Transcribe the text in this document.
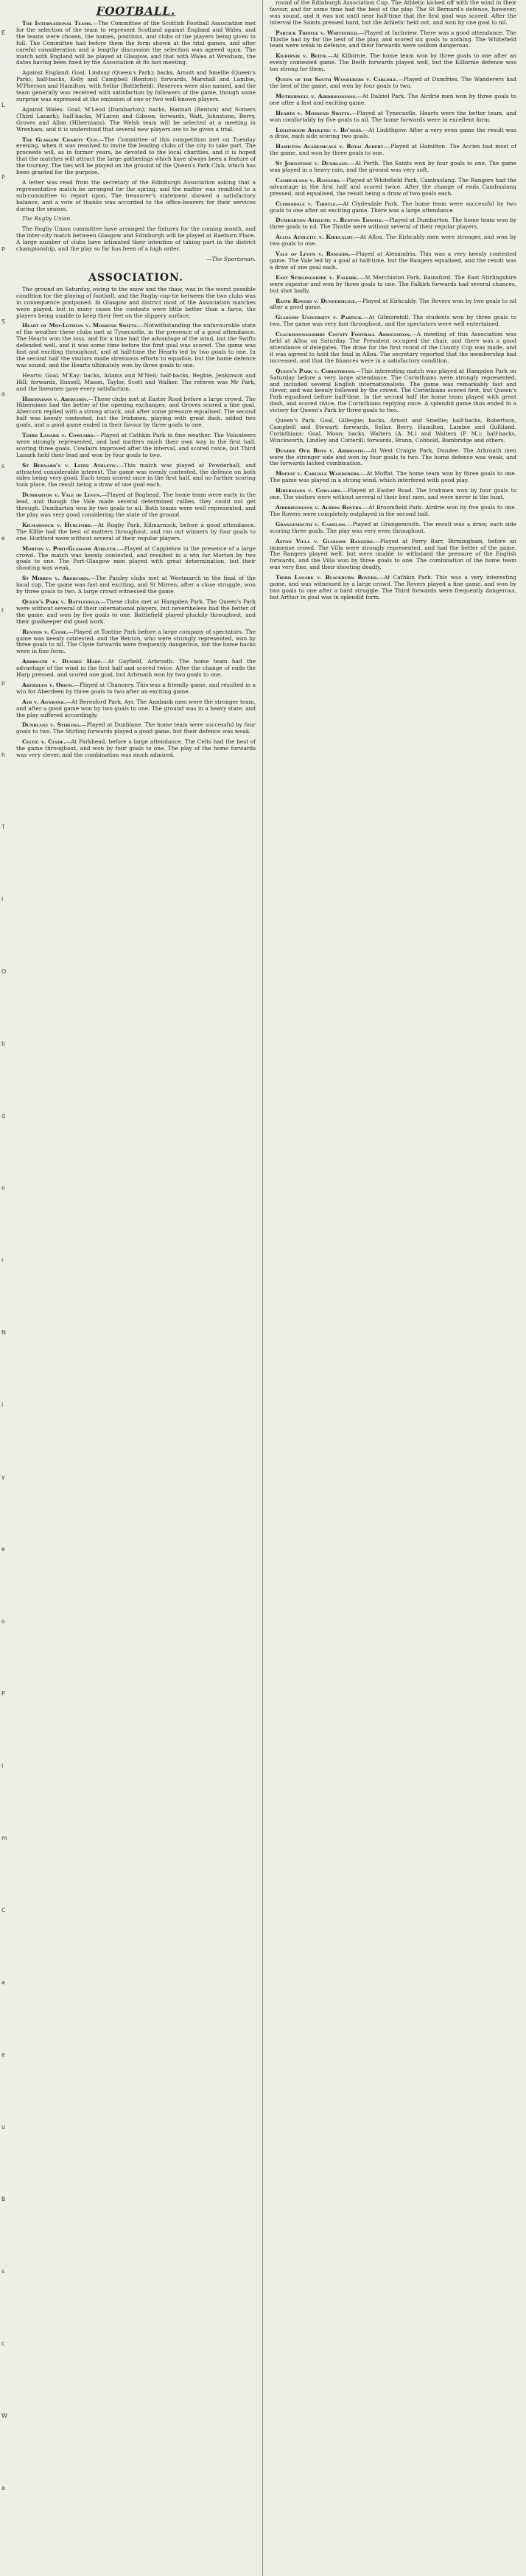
E
L
P
P
S
a
s
e
t
p
h
T
l
O
b
d
n
r
N
i
y
e
o
P
I
m
C
a
e
u
B
s
c
W
a
FOOTBALL.

The International Teams.—The Committee of the Scottish Football Association met for the selection of the team to represent Scotland against England and Wales, and the teams were chosen, the names, positions, and clubs of the players being given in full. The Committee had before them the form shown at the trial games, and after careful consideration and a lengthy discussion the selection was agreed upon. The match with England will be played at Glasgow, and that with Wales at Wrexham, the dates having been fixed by the Association at its last meeting.

Against England: Goal, Lindsay (Queen's Park); backs, Arnott and Smellie (Queen's Park); half-backs, Kelly and Campbell (Renton); forwards, Marshall and Lambie, M'Pherson and Hamilton, with Sellar (Battlefield). Reserves were also named, and the team generally was received with satisfaction by followers of the game, though some surprise was expressed at the omission of one or two well-known players.

Against Wales: Goal, M'Leod (Dumbarton); backs, Hannah (Renton) and Somers (Third Lanark); half-backs, M'Laren and Gibson; forwards, Watt, Johnstone, Berry, Groves and Allan (Hibernians). The Welsh team will be selected at a meeting in Wrexham, and it is understood that several new players are to be given a trial.

The Glasgow Charity Cup.—The Committee of this competition met on Tuesday evening, when it was resolved to invite the leading clubs of the city to take part. The proceeds will, as in former years, be devoted to the local charities, and it is hoped that the matches will attract the large gatherings which have always been a feature of the tourney. The ties will be played on the ground of the Queen's Park Club, which has been granted for the purpose.

A letter was read from the secretary of the Edinburgh Association asking that a representative match be arranged for the spring, and the matter was remitted to a sub-committee to report upon. The treasurer's statement showed a satisfactory balance, and a vote of thanks was accorded to the office-bearers for their services during the season.

The Rugby Union.

The Rugby Union committee have arranged the fixtures for the coming month, and the inter-city match between Glasgow and Edinburgh will be played at Raeburn Place. A large number of clubs have intimated their intention of taking part in the district championship, and the play so far has been of a high order.

—The Sportsman.

ASSOCIATION.

The ground on Saturday, owing to the snow and the thaw, was in the worst possible condition for the playing of football, and the Rugby cup-tie between the two clubs was in consequence postponed. In Glasgow and district most of the Association matches were played, but in many cases the contests were little better than a farce, the players being unable to keep their feet on the slippery surface.

Heart of Mid-Lothian v. Mossend Swifts.—Notwithstanding the unfavourable state of the weather these clubs met at Tynecastle, in the presence of a good attendance. The Hearts won the toss, and for a time had the advantage of the wind, but the Swifts defended well, and it was some time before the first goal was scored. The game was fast and exciting throughout, and at half-time the Hearts led by two goals to one. In the second half the visitors made strenuous efforts to equalise, but the home defence was sound, and the Hearts ultimately won by three goals to one.

Hearts: Goal, M'Kay; backs, Adams and M'Neil; half-backs, Begbie, Jenkinson and Hill; forwards, Russell, Mason, Taylor, Scott and Walker. The referee was Mr Park, and the linesmen gave every satisfaction.

Hibernians v. Abercorn.—These clubs met at Easter Road before a large crowd. The Hibernians had the better of the opening exchanges, and Groves scored a fine goal. Abercorn replied with a strong attack, and after some pressure equalised. The second half was keenly contested, but the Irishmen, playing with great dash, added two goals, and a good game ended in their favour by three goals to one.

Third Lanark v. Cowlairs.—Played at Cathkin Park in fine weather. The Volunteers were strongly represented, and had matters much their own way in the first half, scoring three goals. Cowlairs improved after the interval, and scored twice, but Third Lanark held their lead and won by four goals to two.

St Bernard's v. Leith Athletic.—This match was played at Powderhall, and attracted considerable interest. The game was evenly contested, the defence on both sides being very good. Each team scored once in the first half, and no further scoring took place, the result being a draw of one goal each.

Dumbarton v. Vale of Leven.—Played at Boghead. The home team were early in the lead, and though the Vale made several determined rallies, they could not get through. Dumbarton won by two goals to nil. Both teams were well represented, and the play was very good considering the state of the ground.

Kilmarnock v. Hurlford.—At Rugby Park, Kilmarnock, before a good attendance. The Killie had the best of matters throughout, and ran out winners by four goals to one. Hurlford were without several of their regular players.

Morton v. Port-Glasgow Athletic.—Played at Cappielow in the presence of a large crowd. The match was keenly contested, and resulted in a win for Morton by two goals to one. The Port-Glasgow men played with great determination, but their shooting was weak.

St Mirren v. Abercorn.—The Paisley clubs met at Westmarch in the final of the local cup. The game was fast and exciting, and St Mirren, after a close struggle, won by three goals to two. A large crowd witnessed the game.

Queen's Park v. Battlefield.—These clubs met at Hampden Park. The Queen's Park were without several of their international players, but nevertheless had the better of the game, and won by five goals to one. Battlefield played pluckily throughout, and their goalkeeper did good work.

Renton v. Clyde.—Played at Tontine Park before a large company of spectators. The game was keenly contested, and the Renton, who were strongly represented, won by three goals to nil. The Clyde forwards were frequently dangerous, but the home backs were in fine form.

Arbroath v. Dundee Harp.—At Gayfield, Arbroath. The home team had the advantage of the wind in the first half and scored twice. After the change of ends the Harp pressed, and scored one goal, but Arbroath won by two goals to one.

Aberdeen v. Orion.—Played at Chanonry. This was a friendly game, and resulted in a win for Aberdeen by three goals to two after an exciting game.

Ayr v. Annbank.—At Beresford Park, Ayr. The Annbank men were the stronger team, and after a good game won by two goals to one. The ground was in a heavy state, and the play suffered accordingly.

Dunblane v. Stirling.—Played at Dunblane. The home team were successful by four goals to two. The Stirling forwards played a good game, but their defence was weak.

Celtic v. Clyde.—At Parkhead, before a large attendance. The Celts had the best of the game throughout, and won by four goals to one. The play of the home forwards was very clever, and the combination was much admired.

round of the Edinburgh Association Cup. The Athletic kicked off with the wind in their favour, and for some time had the best of the play. The St Bernard's defence, however, was sound, and it was not until near half-time that the first goal was scored. After the interval the Saints pressed hard, but the Athletic held out, and won by one goal to nil.

Partick Thistle v. Whitefield.—Played at Inchview. There was a good attendance. The Thistle had by far the best of the play, and scored six goals to nothing. The Whitefield team were weak in defence, and their forwards were seldom dangerous.

Kilbirnie v. Beith.—At Kilbirnie. The home team won by three goals to one after an evenly contested game. The Beith forwards played well, but the Kilbirnie defence was too strong for them.

Queen of the South Wanderers v. Carlisle.—Played at Dumfries. The Wanderers had the best of the game, and won by four goals to two.

Motherwell v. Airdrieonians.—At Dalziel Park. The Airdrie men won by three goals to one after a fast and exciting game.

Hearts v. Mossend Swifts.—Played at Tynecastle. Hearts were the better team, and won comfortably by five goals to nil. The home forwards were in excellent form.

Linlithgow Athletic v. Bo'ness.—At Linlithgow. After a very even game the result was a draw, each side scoring two goals.

Hamilton Academicals v. Royal Albert.—Played at Hamilton. The Accies had most of the game, and won by three goals to one.

St Johnstone v. Dunblane.—At Perth. The Saints won by four goals to one. The game was played in a heavy rain, and the ground was very soft.

Cambuslang v. Rangers.—Played at Whitefield Park, Cambuslang. The Rangers had the advantage in the first half and scored twice. After the change of ends Cambuslang pressed, and equalised, the result being a draw of two goals each.

Clydesdale v. Thistle.—At Clydesdale Park. The home team were successful by two goals to one after an exciting game. There was a large attendance.

Dumbarton Athletic v. Renton Thistle.—Played at Dumbarton. The home team won by three goals to nil. The Thistle were without several of their regular players.

Alloa Athletic v. Kirkcaldy.—At Alloa. The Kirkcaldy men were stronger, and won by two goals to one.

Vale of Leven v. Rangers.—Played at Alexandria. This was a very keenly contested game. The Vale led by a goal at half-time, but the Rangers equalised, and the result was a draw of one goal each.

East Stirlingshire v. Falkirk.—At Merchiston Park, Bainsford. The East Stirlingshire were superior and won by three goals to one. The Falkirk forwards had several chances, but shot badly.

Raith Rovers v. Dunfermline.—Played at Kirkcaldy. The Rovers won by two goals to nil after a good game.

Glasgow University v. Partick.—At Gilmorehill. The students won by three goals to two. The game was very fast throughout, and the spectators were well entertained.

Clackmannanshire County Football Association.—A meeting of this Association was held at Alloa on Saturday. The President occupied the chair, and there was a good attendance of delegates. The draw for the first round of the County Cup was made, and it was agreed to hold the final in Alloa. The secretary reported that the membership had increased, and that the finances were in a satisfactory condition.

Queen's Park v. Corinthians.—This interesting match was played at Hampden Park on Saturday before a very large attendance. The Corinthians were strongly represented, and included several English internationalists. The game was remarkably fast and clever, and was keenly followed by the crowd. The Corinthians scored first, but Queen's Park equalised before half-time. In the second half the home team played with great dash, and scored twice, the Corinthians replying once. A splendid game thus ended in a victory for Queen's Park by three goals to two.

Queen's Park: Goal, Gillespie; backs, Arnott and Smellie; half-backs, Robertson, Campbell and Stewart; forwards, Sellar, Berry, Hamilton, Lambie and Gulliland. Corinthians: Goal, Moon; backs, Walters (A. M.) and Walters (P. M.); half-backs, Winckworth, Lindley and Cotterill; forwards, Brann, Cobbold, Bambridge and others.

Dundee Our Boys v. Arbroath.—At West Craigie Park, Dundee. The Arbroath men were the stronger side and won by four goals to two. The home defence was weak, and the forwards lacked combination.

Moffat v. Carlisle Wanderers.—At Moffat. The home team won by three goals to one. The game was played in a strong wind, which interfered with good play.

Hibernians v. Cowlairs.—Played at Easter Road. The Irishmen won by four goals to one. The visitors were without several of their best men, and were never in the hunt.

Airdrieonians v. Albion Rovers.—At Broomfield Park. Airdrie won by five goals to one. The Rovers were completely outplayed in the second half.

Grangemouth v. Camelon.—Played at Grangemouth. The result was a draw, each side scoring three goals. The play was very even throughout.

Aston Villa v. Glasgow Rangers.—Played at Perry Barr, Birmingham, before an immense crowd. The Villa were strongly represented, and had the better of the game. The Rangers played well, but were unable to withstand the pressure of the English forwards, and the Villa won by three goals to one. The combination of the home team was very fine, and their shooting deadly.

Third Lanark v. Blackburn Rovers.—At Cathkin Park. This was a very interesting game, and was witnessed by a large crowd. The Rovers played a fine game, and won by two goals to one after a hard struggle. The Third forwards were frequently dangerous, but Arthur in goal was in splendid form.
